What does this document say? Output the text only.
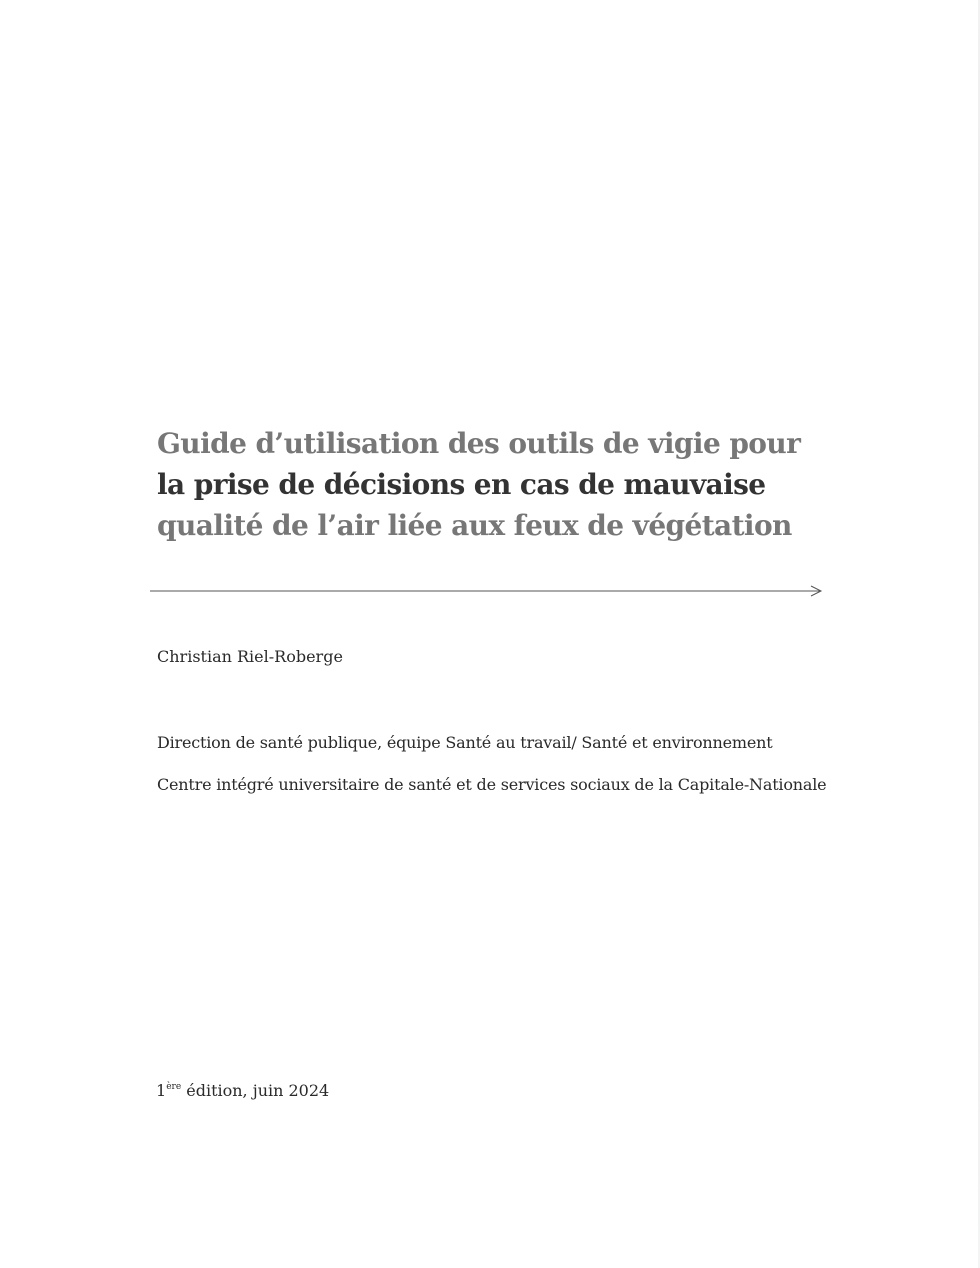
Guide d’utilisation des outils de vigie pour
la prise de décisions en cas de mauvaise
qualité de l’air liée aux feux de végétation
Christian Riel-Roberge
Direction de santé publique, équipe Santé au travail/ Santé et environnement
Centre intégré universitaire de santé et de services sociaux de la Capitale-Nationale
1ère édition, juin 2024
